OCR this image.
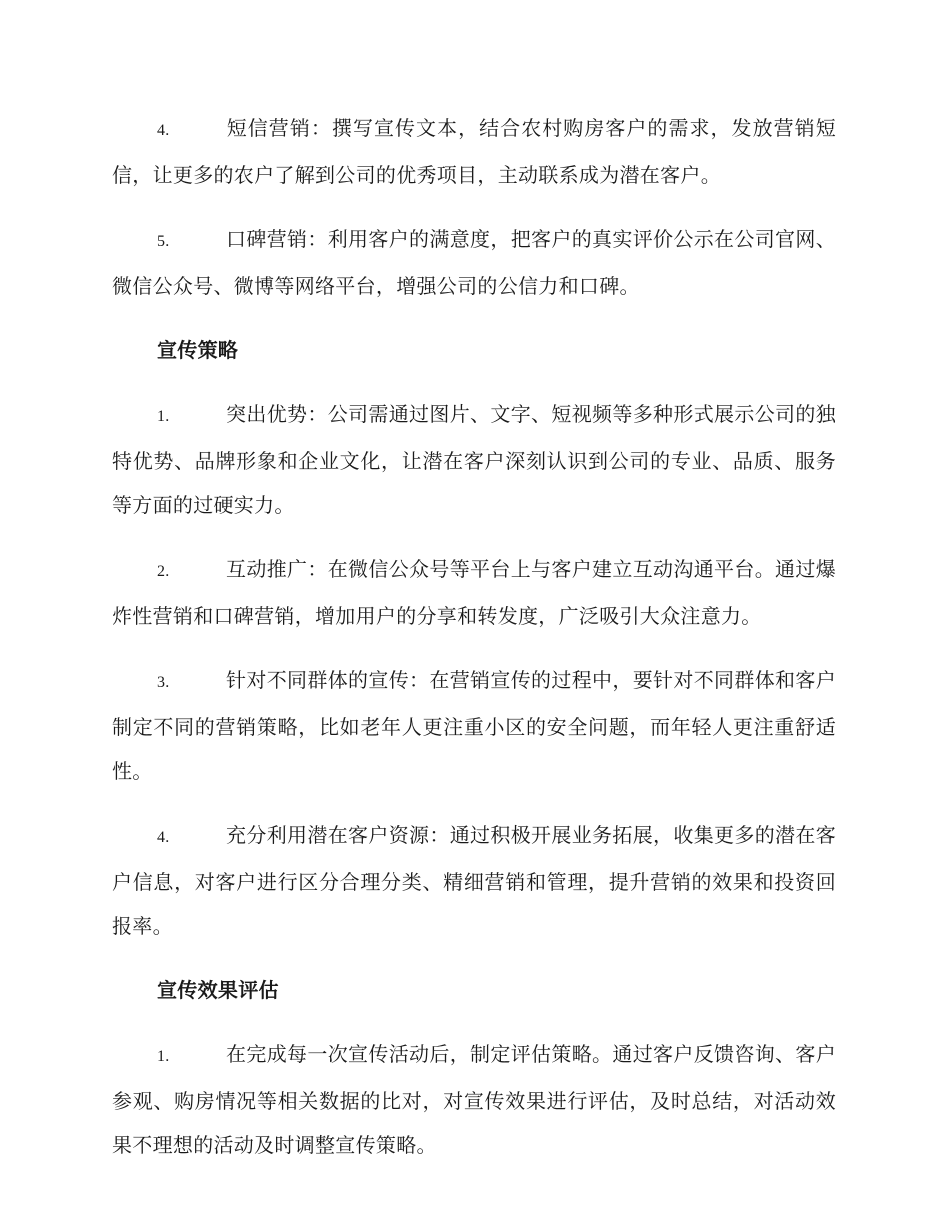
4.	短信营销：撰写宣传文本，结合农村购房客户的需求，发放营销短信，让更多的农户了解到公司的优秀项目，主动联系成为潜在客户。

5.	口碑营销：利用客户的满意度，把客户的真实评价公示在公司官网、微信公众号、微博等网络平台，增强公司的公信力和口碑。

宣传策略

1.	突出优势：公司需通过图片、文字、短视频等多种形式展示公司的独特优势、品牌形象和企业文化，让潜在客户深刻认识到公司的专业、品质、服务等方面的过硬实力。

2.	互动推广：在微信公众号等平台上与客户建立互动沟通平台。通过爆炸性营销和口碑营销，增加用户的分享和转发度，广泛吸引大众注意力。

3.	针对不同群体的宣传：在营销宣传的过程中，要针对不同群体和客户制定不同的营销策略，比如老年人更注重小区的安全问题，而年轻人更注重舒适性。

4.	充分利用潜在客户资源：通过积极开展业务拓展，收集更多的潜在客户信息，对客户进行区分合理分类、精细营销和管理，提升营销的效果和投资回报率。

宣传效果评估

1.	在完成每一次宣传活动后，制定评估策略。通过客户反馈咨询、客户参观、购房情况等相关数据的比对，对宣传效果进行评估，及时总结，对活动效果不理想的活动及时调整宣传策略。
